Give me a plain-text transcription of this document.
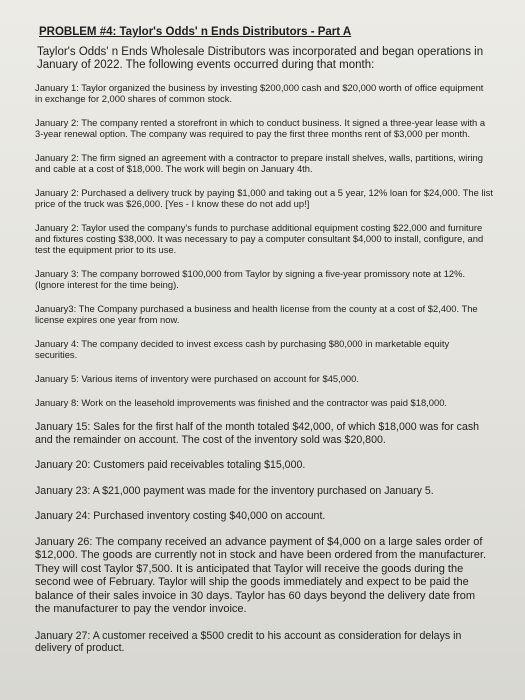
PROBLEM #4: Taylor's Odds' n Ends Distributors - Part A
Taylor's Odds' n Ends Wholesale Distributors was incorporated and began operations in January of 2022. The following events occurred during that month:
January 1: Taylor organized the business by investing $200,000 cash and $20,000 worth of office equipment in exchange for 2,000 shares of common stock.
January 2: The company rented a storefront in which to conduct business. It signed a three-year lease with a 3-year renewal option. The company was required to pay the first three months rent of $3,000 per month.
January 2: The firm signed an agreement with a contractor to prepare install shelves, walls, partitions, wiring and cable at a cost of $18,000. The work will begin on January 4th.
January 2: Purchased a delivery truck by paying $1,000 and taking out a 5 year, 12% loan for $24,000. The list price of the truck was $26,000. [Yes - I know these do not add up!]
January 2: Taylor used the company's funds to purchase additional equipment costing $22,000 and furniture and fixtures costing $38,000. It was necessary to pay a computer consultant $4,000 to install, configure, and test the equipment prior to its use.
January 3: The company borrowed $100,000 from Taylor by signing a five-year promissory note at 12%. (Ignore interest for the time being).
January3: The Company purchased a business and health license from the county at a cost of $2,400. The license expires one year from now.
January 4: The company decided to invest excess cash by purchasing $80,000 in marketable equity securities.
January 5: Various items of inventory were purchased on account for $45,000.
January 8: Work on the leasehold improvements was finished and the contractor was paid $18,000.
January 15: Sales for the first half of the month totaled $42,000, of which $18,000 was for cash and the remainder on account. The cost of the inventory sold was $20,800.
January 20: Customers paid receivables totaling $15,000.
January 23: A $21,000 payment was made for the inventory purchased on January 5.
January 24: Purchased inventory costing $40,000 on account.
January 26: The company received an advance payment of $4,000 on a large sales order of $12,000. The goods are currently not in stock and have been ordered from the manufacturer. They will cost Taylor $7,500. It is anticipated that Taylor will receive the goods during the second wee of February. Taylor will ship the goods immediately and expect to be paid the balance of their sales invoice in 30 days. Taylor has 60 days beyond the delivery date from the manufacturer to pay the vendor invoice.
January 27: A customer received a $500 credit to his account as consideration for delays in delivery of product.
